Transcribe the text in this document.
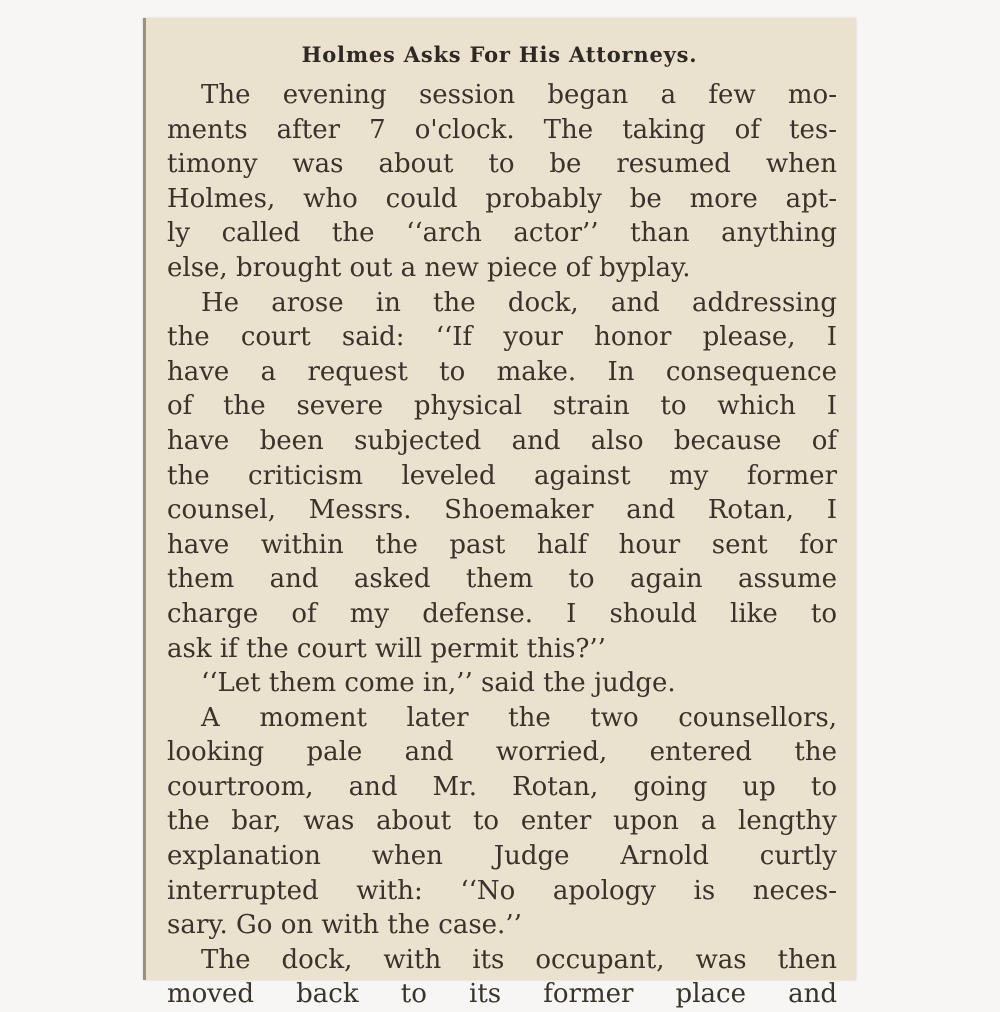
Holmes Asks For His Attorneys.
The evening session began a few mo-
ments after 7 o'clock. The taking of tes-
timony was about to be resumed when
Holmes, who could probably be more apt-
ly called the ‘‘arch actor’’ than anything
else, brought out a new piece of byplay.
He arose in the dock, and addressing
the court said: ‘‘If your honor please, I
have a request to make. In consequence
of the severe physical strain to which I
have been subjected and also because of
the criticism leveled against my former
counsel, Messrs. Shoemaker and Rotan, I
have within the past half hour sent for
them and asked them to again assume
charge of my defense. I should like to
ask if the court will permit this?’’
‘‘Let them come in,’’ said the judge.
A moment later the two counsellors,
looking pale and worried, entered the
courtroom, and Mr. Rotan, going up to
the bar, was about to enter upon a lengthy
explanation when Judge Arnold curtly
interrupted with: ‘‘No apology is neces-
sary. Go on with the case.’’
The dock, with its occupant, was then
moved back to its former place and
